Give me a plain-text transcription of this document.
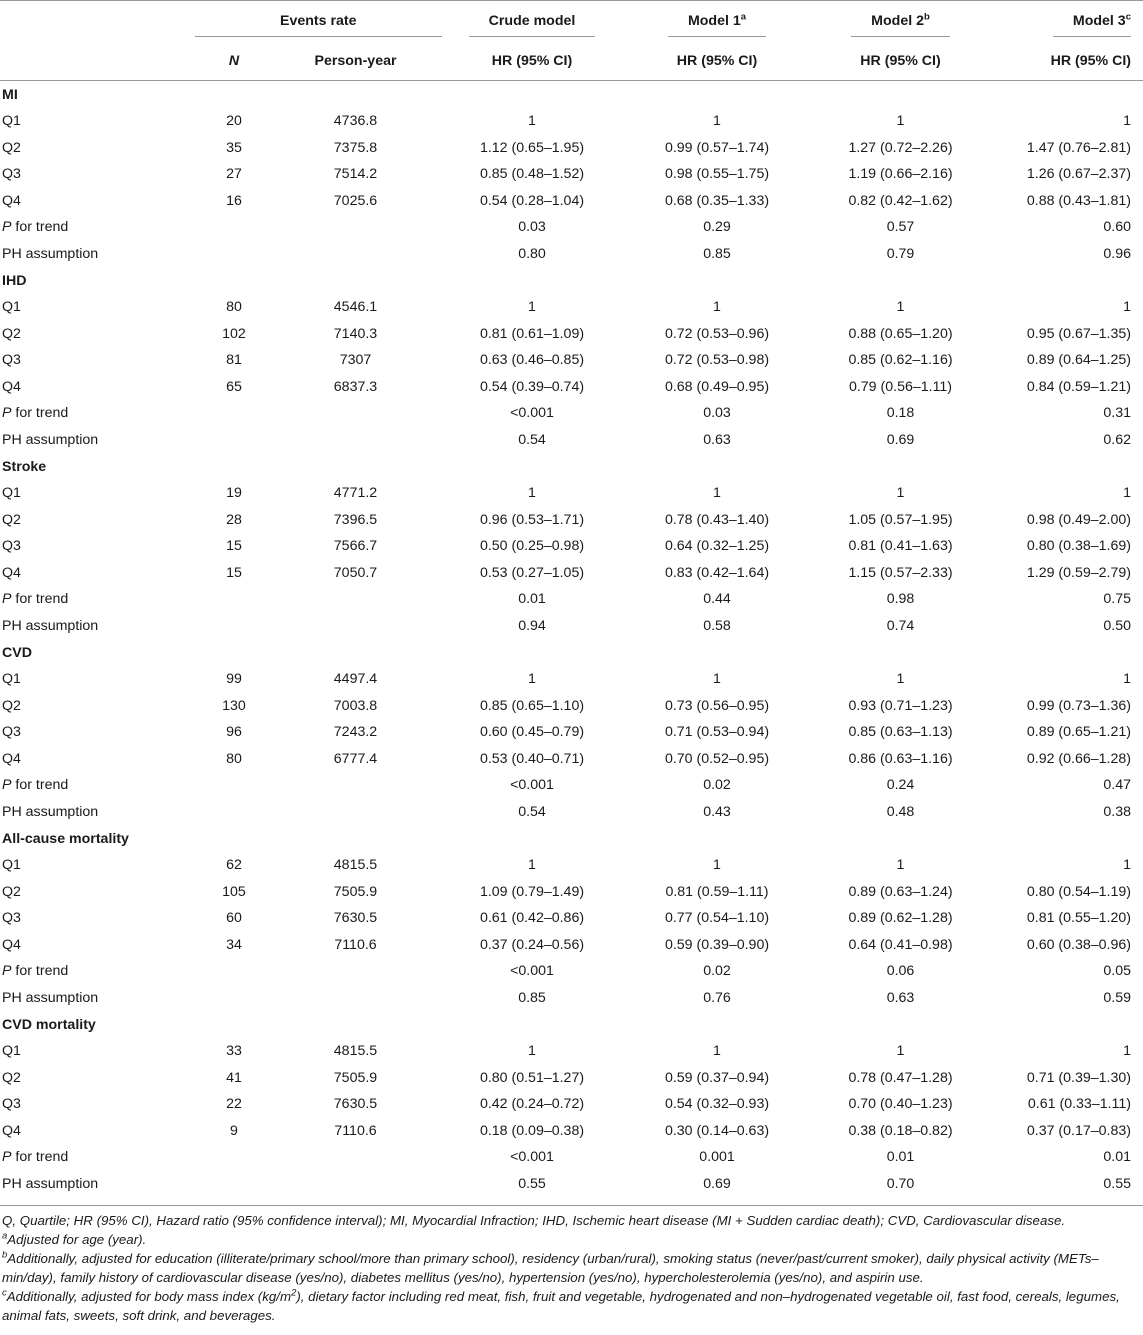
	Events rate		Crude model	Model 1$^a$	Model 2$^b$	Model 3$^c$
	N	Person-year	HR (95% CI)	HR (95% CI)	HR (95% CI)	HR (95% CI)
MI						
Q1	20	4736.8	1	1	1	1
Q2	35	7375.8	1.12 (0.65–1.95)	0.99 (0.57–1.74)	1.27 (0.72–2.26)	1.47 (0.76–2.81)
Q3	27	7514.2	0.85 (0.48–1.52)	0.98 (0.55–1.75)	1.19 (0.66–2.16)	1.26 (0.67–2.37)
Q4	16	7025.6	0.54 (0.28–1.04)	0.68 (0.35–1.33)	0.82 (0.42–1.62)	0.88 (0.43–1.81)
P for trend			0.03	0.29	0.57	0.60
PH assumption			0.80	0.85	0.79	0.96
IHD						
Q1	80	4546.1	1	1	1	1
Q2	102	7140.3	0.81 (0.61–1.09)	0.72 (0.53–0.96)	0.88 (0.65–1.20)	0.95 (0.67–1.35)
Q3	81	7307	0.63 (0.46–0.85)	0.72 (0.53–0.98)	0.85 (0.62–1.16)	0.89 (0.64–1.25)
Q4	65	6837.3	0.54 (0.39–0.74)	0.68 (0.49–0.95)	0.79 (0.56–1.11)	0.84 (0.59–1.21)
P for trend			<0.001	0.03	0.18	0.31
PH assumption			0.54	0.63	0.69	0.62
Stroke						
Q1	19	4771.2	1	1	1	1
Q2	28	7396.5	0.96 (0.53–1.71)	0.78 (0.43–1.40)	1.05 (0.57–1.95)	0.98 (0.49–2.00)
Q3	15	7566.7	0.50 (0.25–0.98)	0.64 (0.32–1.25)	0.81 (0.41–1.63)	0.80 (0.38–1.69)
Q4	15	7050.7	0.53 (0.27–1.05)	0.83 (0.42–1.64)	1.15 (0.57–2.33)	1.29 (0.59–2.79)
P for trend			0.01	0.44	0.98	0.75
PH assumption			0.94	0.58	0.74	0.50
CVD						
Q1	99	4497.4	1	1	1	1
Q2	130	7003.8	0.85 (0.65–1.10)	0.73 (0.56–0.95)	0.93 (0.71–1.23)	0.99 (0.73–1.36)
Q3	96	7243.2	0.60 (0.45–0.79)	0.71 (0.53–0.94)	0.85 (0.63–1.13)	0.89 (0.65–1.21)
Q4	80	6777.4	0.53 (0.40–0.71)	0.70 (0.52–0.95)	0.86 (0.63–1.16)	0.92 (0.66–1.28)
P for trend			<0.001	0.02	0.24	0.47
PH assumption			0.54	0.43	0.48	0.38
All-cause mortality						
Q1	62	4815.5	1	1	1	1
Q2	105	7505.9	1.09 (0.79–1.49)	0.81 (0.59–1.11)	0.89 (0.63–1.24)	0.80 (0.54–1.19)
Q3	60	7630.5	0.61 (0.42–0.86)	0.77 (0.54–1.10)	0.89 (0.62–1.28)	0.81 (0.55–1.20)
Q4	34	7110.6	0.37 (0.24–0.56)	0.59 (0.39–0.90)	0.64 (0.41–0.98)	0.60 (0.38–0.96)
P for trend			<0.001	0.02	0.06	0.05
PH assumption			0.85	0.76	0.63	0.59
CVD mortality						
Q1	33	4815.5	1	1	1	1
Q2	41	7505.9	0.80 (0.51–1.27)	0.59 (0.37–0.94)	0.78 (0.47–1.28)	0.71 (0.39–1.30)
Q3	22	7630.5	0.42 (0.24–0.72)	0.54 (0.32–0.93)	0.70 (0.40–1.23)	0.61 (0.33–1.11)
Q4	9	7110.6	0.18 (0.09–0.38)	0.30 (0.14–0.63)	0.38 (0.18–0.82)	0.37 (0.17–0.83)
P for trend			<0.001	0.001	0.01	0.01
PH assumption			0.55	0.69	0.70	0.55

Q, Quartile; HR (95% CI), Hazard ratio (95% confidence interval); MI, Myocardial Infraction; IHD, Ischemic heart disease (MI + Sudden cardiac death); CVD, Cardiovascular disease.

$^a$Adjusted for age (year).

$^b$Additionally, adjusted for education (illiterate/primary school/more than primary school), residency (urban/rural), smoking status (never/past/current smoker), daily physical activity (METs–min/day), family history of cardiovascular disease (yes/no), diabetes mellitus (yes/no), hypertension (yes/no), hypercholesterolemia (yes/no), and aspirin use.

$^c$Additionally, adjusted for body mass index $(kg/m^2)$, dietary factor including red meat, fish, fruit and vegetable, hydrogenated and non–hydrogenated vegetable oil, fast food, cereals, legumes, animal fats, sweets, soft drink, and beverages.
